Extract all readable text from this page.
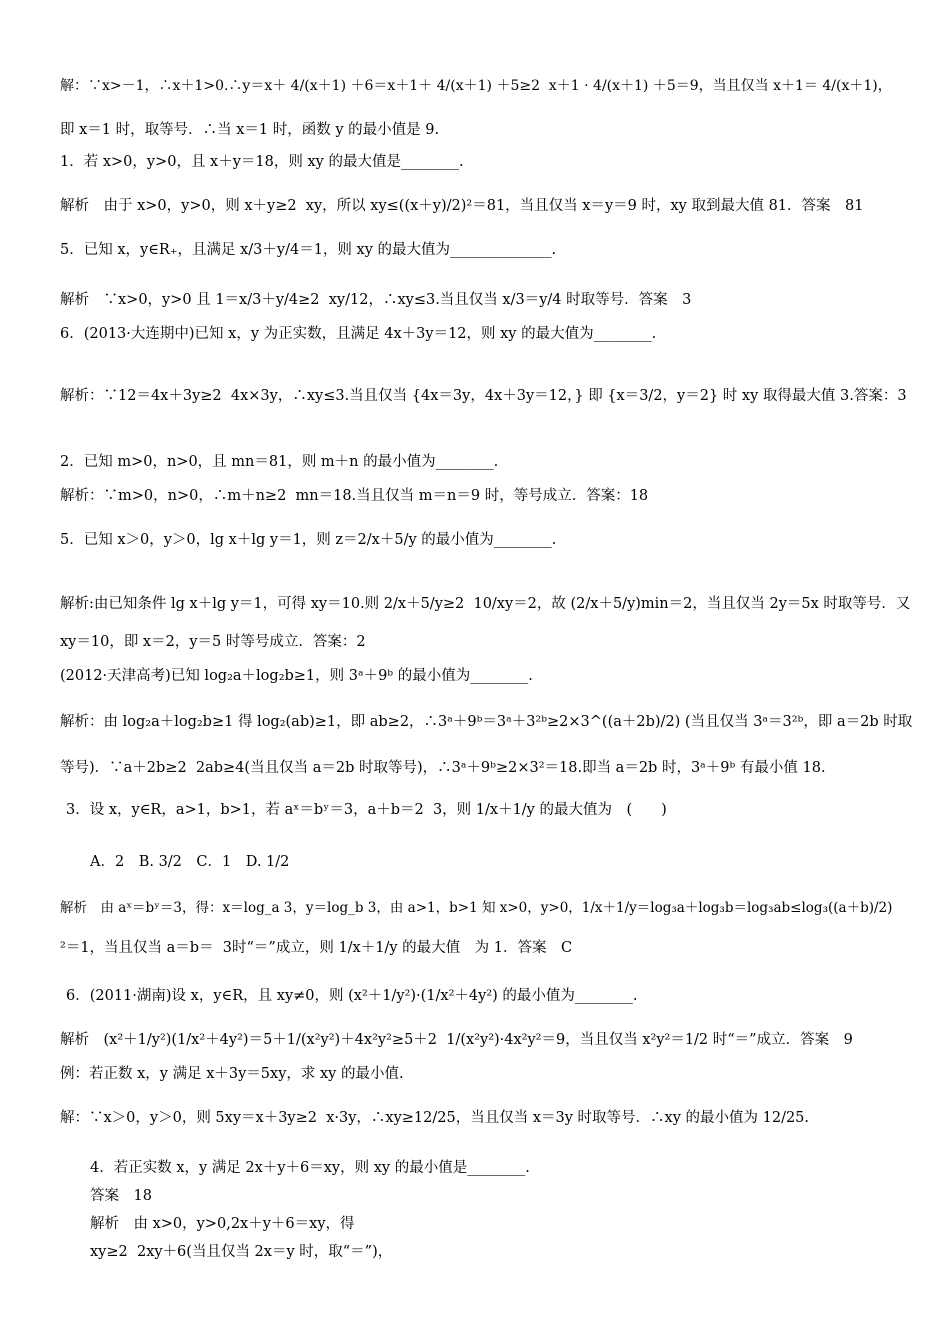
解：∵x>－1，∴x＋1>0.∴y＝x＋ 4/(x＋1) ＋6＝x＋1＋ 4/(x＋1) ＋5≥2  x＋1 · 4/(x＋1) ＋5＝9，当且仅当 x＋1＝ 4/(x＋1)，
即 x＝1 时，取等号．∴当 x＝1 时，函数 y 的最小值是 9.
1．若 x>0，y>0，且 x＋y＝18，则 xy 的最大值是________.
解析　由于 x>0，y>0，则 x＋y≥2  xy，所以 xy≤((x＋y)/2)²＝81，当且仅当 x＝y＝9 时，xy 取到最大值 81．答案　81
5．已知 x，y∈R₊，且满足 x/3＋y/4＝1，则 xy 的最大值为______________.
解析　∵x>0，y>0 且 1＝x/3＋y/4≥2  xy/12，∴xy≤3.当且仅当 x/3＝y/4 时取等号．答案　3
6．(2013·大连期中)已知 x，y 为正实数，且满足 4x＋3y＝12，则 xy 的最大值为________.
解析：∵12＝4x＋3y≥2  4x×3y，∴xy≤3.当且仅当 {4x＝3y，4x＋3y＝12，} 即 {x＝3/2，y＝2} 时 xy 取得最大值 3.答案：3
2．已知 m>0，n>0，且 mn＝81，则 m＋n 的最小值为________.
解析：∵m>0，n>0，∴m＋n≥2  mn＝18.当且仅当 m＝n＝9 时，等号成立．答案：18
5．已知 x＞0，y＞0，lg x＋lg y＝1，则 z＝2/x＋5/y 的最小值为________.
解析:由已知条件 lg x＋lg y＝1，可得 xy＝10.则 2/x＋5/y≥2  10/xy＝2，故 (2/x＋5/y)min＝2，当且仅当 2y＝5x 时取等号．又
xy＝10，即 x＝2，y＝5 时等号成立．答案：2
(2012·天津高考)已知 log₂a＋log₂b≥1，则 3ᵃ＋9ᵇ 的最小值为________.
解析：由 log₂a＋log₂b≥1 得 log₂(ab)≥1，即 ab≥2，∴3ᵃ＋9ᵇ＝3ᵃ＋3²ᵇ≥2×3^((a＋2b)/2) (当且仅当 3ᵃ＝3²ᵇ，即 a＝2b 时取
等号)．∵a＋2b≥2  2ab≥4(当且仅当 a＝2b 时取等号)，∴3ᵃ＋9ᵇ≥2×3²＝18.即当 a＝2b 时，3ᵃ＋9ᵇ 有最小值 18.
3．设 x，y∈R，a>1，b>1，若 aˣ＝bʸ＝3，a＋b＝2  3，则 1/x＋1/y 的最大值为　(　　)
A．2　B. 3/2　C．1　D. 1/2
解析　由 aˣ＝bʸ＝3，得：x＝log_a 3，y＝log_b 3，由 a>1，b>1 知 x>0，y>0，1/x＋1/y＝log₃a＋log₃b＝log₃ab≤log₃((a＋b)/2)
²＝1，当且仅当 a＝b＝  3时“＝”成立，则 1/x＋1/y 的最大值　为 1．答案　C
6．(2011·湖南)设 x，y∈R，且 xy≠0，则 (x²＋1/y²)·(1/x²＋4y²) 的最小值为________.
解析　(x²＋1/y²)(1/x²＋4y²)＝5＋1/(x²y²)＋4x²y²≥5＋2  1/(x²y²)·4x²y²＝9，当且仅当 x²y²＝1/2 时“＝”成立．答案　9
例：若正数 x，y 满足 x＋3y＝5xy，求 xy 的最小值.
解：∵x＞0，y＞0，则 5xy＝x＋3y≥2  x·3y，∴xy≥12/25，当且仅当 x＝3y 时取等号．∴xy 的最小值为 12/25.
4．若正实数 x，y 满足 2x＋y＋6＝xy，则 xy 的最小值是________.
答案　18
解析　由 x>0，y>0,2x＋y＋6＝xy，得
xy≥2  2xy＋6(当且仅当 2x＝y 时，取“＝”)，
